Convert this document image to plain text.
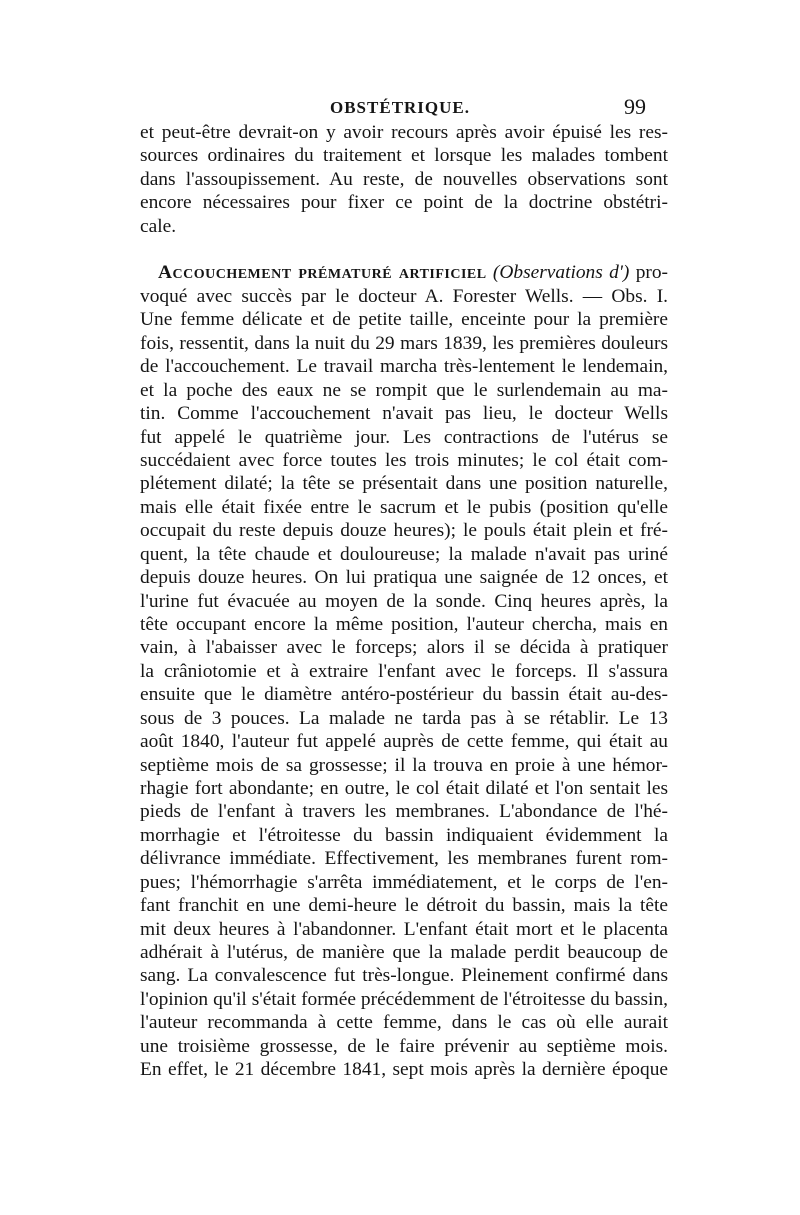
OBSTÉTRIQUE.	99
et peut-être devrait-on y avoir recours après avoir épuisé les res-
sources ordinaires du traitement et lorsque les malades tombent
dans l'assoupissement. Au reste, de nouvelles observations sont
encore nécessaires pour fixer ce point de la doctrine obstétri-
cale.
Accouchement prématuré artificiel (Observations d') pro-
voqué avec succès par le docteur A. Forester Wells. — Obs. I.
Une femme délicate et de petite taille, enceinte pour la première
fois, ressentit, dans la nuit du 29 mars 1839, les premières douleurs
de l'accouchement. Le travail marcha très-lentement le lendemain,
et la poche des eaux ne se rompit que le surlendemain au ma-
tin. Comme l'accouchement n'avait pas lieu, le docteur Wells
fut appelé le quatrième jour. Les contractions de l'utérus se
succédaient avec force toutes les trois minutes; le col était com-
plétement dilaté; la tête se présentait dans une position naturelle,
mais elle était fixée entre le sacrum et le pubis (position qu'elle
occupait du reste depuis douze heures); le pouls était plein et fré-
quent, la tête chaude et douloureuse; la malade n'avait pas uriné
depuis douze heures. On lui pratiqua une saignée de 12 onces, et
l'urine fut évacuée au moyen de la sonde. Cinq heures après, la
tête occupant encore la même position, l'auteur chercha, mais en
vain, à l'abaisser avec le forceps; alors il se décida à pratiquer
la crâniotomie et à extraire l'enfant avec le forceps. Il s'assura
ensuite que le diamètre antéro-postérieur du bassin était au-des-
sous de 3 pouces. La malade ne tarda pas à se rétablir. Le 13
août 1840, l'auteur fut appelé auprès de cette femme, qui était au
septième mois de sa grossesse; il la trouva en proie à une hémor-
rhagie fort abondante; en outre, le col était dilaté et l'on sentait les
pieds de l'enfant à travers les membranes. L'abondance de l'hé-
morrhagie et l'étroitesse du bassin indiquaient évidemment la
délivrance immédiate. Effectivement, les membranes furent rom-
pues; l'hémorrhagie s'arrêta immédiatement, et le corps de l'en-
fant franchit en une demi-heure le détroit du bassin, mais la tête
mit deux heures à l'abandonner. L'enfant était mort et le placenta
adhérait à l'utérus, de manière que la malade perdit beaucoup de
sang. La convalescence fut très-longue. Pleinement confirmé dans
l'opinion qu'il s'était formée précédemment de l'étroitesse du bassin,
l'auteur recommanda à cette femme, dans le cas où elle aurait
une troisième grossesse, de le faire prévenir au septième mois.
En effet, le 21 décembre 1841, sept mois après la dernière époque
